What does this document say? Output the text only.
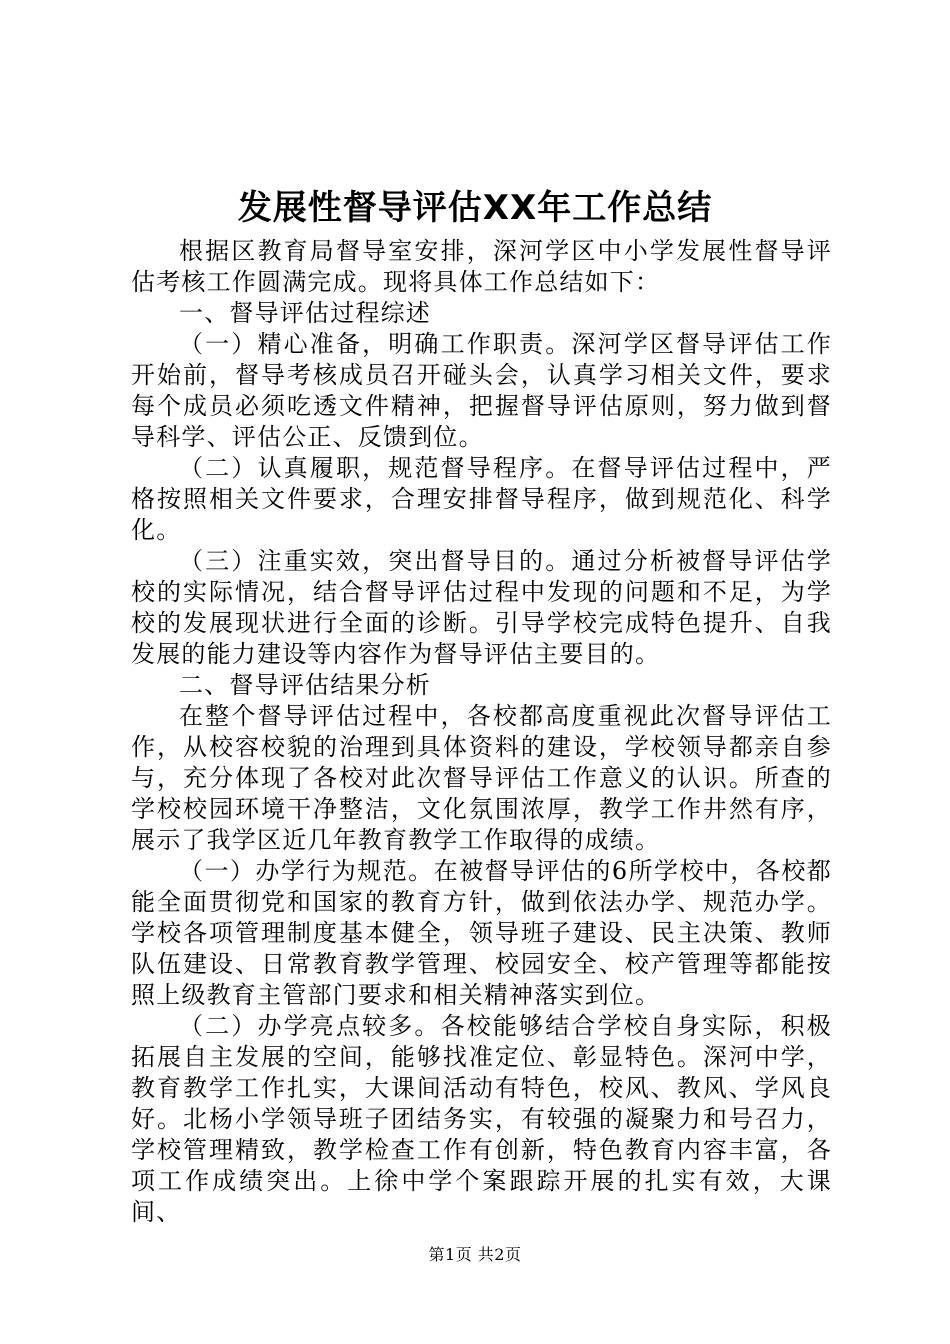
发展性督导评估XX年工作总结

根据区教育局督导室安排，深河学区中小学发展性督导评估考核工作圆满完成。现将具体工作总结如下：

一、督导评估过程综述

（一）精心准备，明确工作职责。深河学区督导评估工作开始前，督导考核成员召开碰头会，认真学习相关文件，要求每个成员必须吃透文件精神，把握督导评估原则，努力做到督导科学、评估公正、反馈到位。

（二）认真履职，规范督导程序。在督导评估过程中，严格按照相关文件要求，合理安排督导程序，做到规范化、科学化。

（三）注重实效，突出督导目的。通过分析被督导评估学校的实际情况，结合督导评估过程中发现的问题和不足，为学校的发展现状进行全面的诊断。引导学校完成特色提升、自我发展的能力建设等内容作为督导评估主要目的。

二、督导评估结果分析

在整个督导评估过程中，各校都高度重视此次督导评估工作，从校容校貌的治理到具体资料的建设，学校领导都亲自参与，充分体现了各校对此次督导评估工作意义的认识。所查的学校校园环境干净整洁，文化氛围浓厚，教学工作井然有序，展示了我学区近几年教育教学工作取得的成绩。

（一）办学行为规范。在被督导评估的6所学校中，各校都能全面贯彻党和国家的教育方针，做到依法办学、规范办学。学校各项管理制度基本健全，领导班子建设、民主决策、教师队伍建设、日常教育教学管理、校园安全、校产管理等都能按照上级教育主管部门要求和相关精神落实到位。

（二）办学亮点较多。各校能够结合学校自身实际，积极拓展自主发展的空间，能够找准定位、彰显特色。深河中学，教育教学工作扎实，大课间活动有特色，校风、教风、学风良好。北杨小学领导班子团结务实，有较强的凝聚力和号召力，学校管理精致，教学检查工作有创新，特色教育内容丰富，各项工作成绩突出。上徐中学个案跟踪开展的扎实有效，大课间、

第1页 共2页
